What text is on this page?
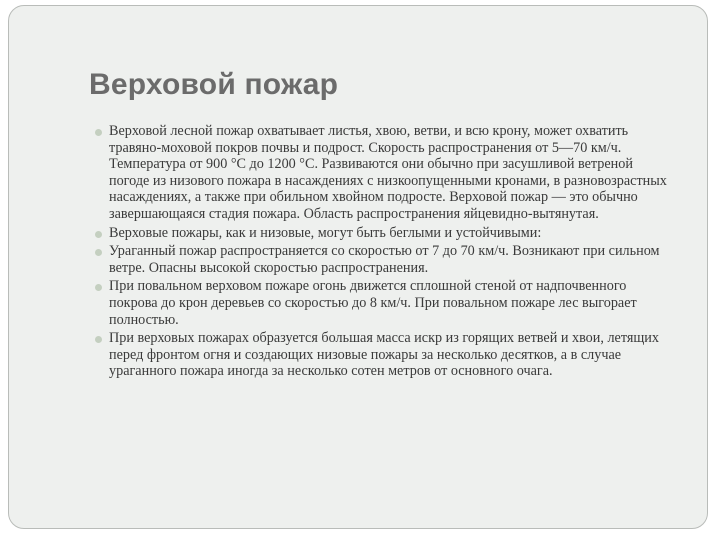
Верховой пожар
Верховой лесной пожар охватывает листья, хвою, ветви, и всю крону, может охватить травяно-моховой покров почвы и подрост. Скорость распространения от 5—70 км/ч. Температура от 900 °C до 1200 °C. Развиваются они обычно при засушливой ветреной погоде из низового пожара в насаждениях с низкоопущенными кронами, в разновозрастных насаждениях, а также при обильном хвойном подросте. Верховой пожар — это обычно завершающаяся стадия пожара. Область распространения яйцевидно-вытянутая.
Верховые пожары, как и низовые, могут быть беглыми и устойчивыми:
Ураганный пожар распространяется со скоростью от 7 до 70 км/ч. Возникают при сильном ветре. Опасны высокой скоростью распространения.
При повальном верховом пожаре огонь движется сплошной стеной от надпочвенного покрова до крон деревьев со скоростью до 8 км/ч. При повальном пожаре лес выгорает полностью.
При верховых пожарах образуется большая масса искр из горящих ветвей и хвои, летящих перед фронтом огня и создающих низовые пожары за несколько десятков, а в случае ураганного пожара иногда за несколько сотен метров от основного очага.
